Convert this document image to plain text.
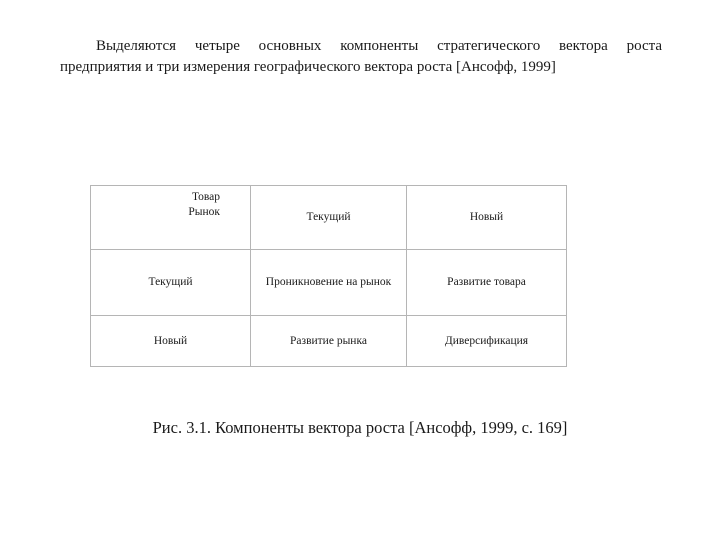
Выделяются четыре основных компоненты стратегического вектора роста
предприятия и три измерения географического вектора роста [Ансофф, 1999]
Товар
Рынок	Текущий	Новый
Текущий	Проникновение на рынок	Развитие товара
Новый	Развитие рынка	Диверсификация
Рис. 3.1. Компоненты вектора роста [Ансофф, 1999, с. 169]
